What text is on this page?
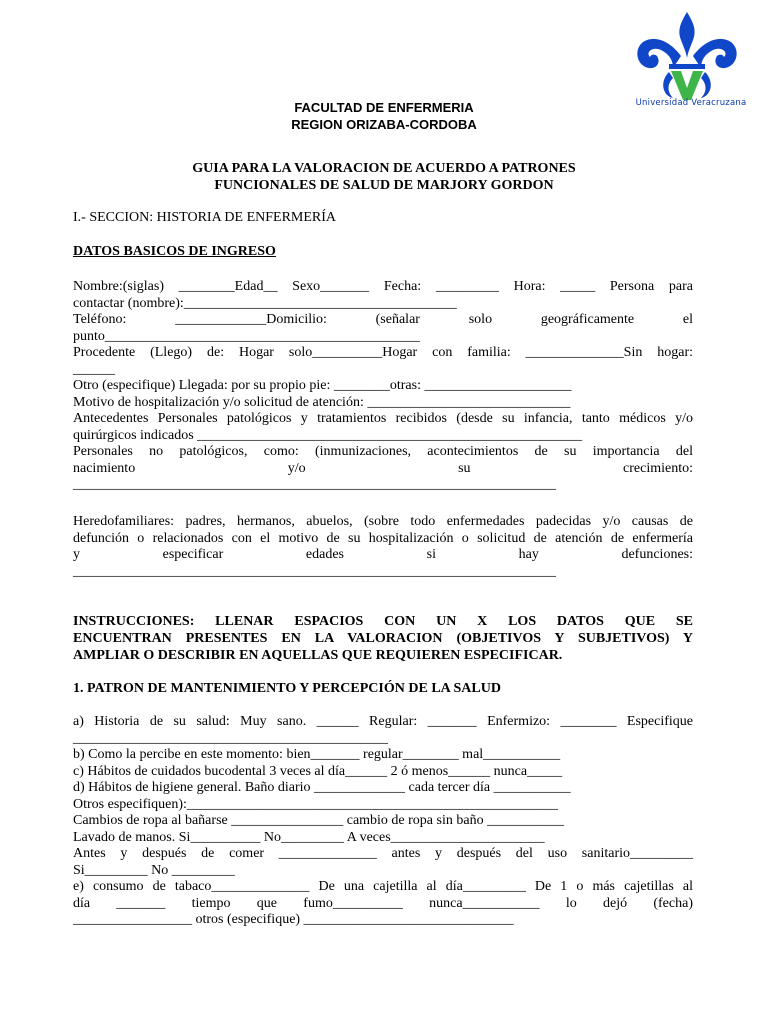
Universidad Veracruzana
FACULTAD DE ENFERMERIA
REGION ORIZABA-CORDOBA
GUIA PARA LA VALORACION DE ACUERDO A PATRONES
FUNCIONALES DE SALUD DE MARJORY GORDON
I.- SECCION: HISTORIA DE ENFERMERÍA
DATOS BASICOS DE INGRESO
Nombre:(siglas) ________Edad__ Sexo_______ Fecha: _________ Hora: _____ Persona para
contactar (nombre):_______________________________________
Teléfono: _____________Domicilio: (señalar solo geográficamente el
punto_____________________________________________
Procedente (Llego) de: Hogar solo__________Hogar con familia: ______________Sin hogar:
______
Otro (especifique) Llegada: por su propio pie: ________otras: _____________________
Motivo de hospitalización y/o solicitud de atención: _____________________________
Antecedentes Personales patológicos y tratamientos recibidos (desde su infancia, tanto médicos y/o
quirúrgicos indicados _______________________________________________________
Personales no patológicos, como: (inmunizaciones, acontecimientos de su importancia del
nacimiento y/o su crecimiento:
_____________________________________________________________________
Heredofamiliares: padres, hermanos, abuelos, (sobre todo enfermedades padecidas y/o causas de
defunción o relacionados con el motivo de su hospitalización o solicitud de atención de enfermería
y especificar edades si hay defunciones:
_____________________________________________________________________
INSTRUCCIONES: LLENAR ESPACIOS CON UN X LOS DATOS QUE SE
ENCUENTRAN PRESENTES EN LA VALORACION (OBJETIVOS Y SUBJETIVOS) Y
AMPLIAR O DESCRIBIR EN AQUELLAS QUE REQUIEREN ESPECIFICAR.
1. PATRON DE MANTENIMIENTO Y PERCEPCIÓN DE LA SALUD
a) Historia de su salud: Muy sano. ______ Regular: _______ Enfermizo: ________ Especifique
_____________________________________________
b) Como la percibe en este momento: bien_______ regular________ mal___________
c) Hábitos de cuidados bucodental 3 veces al día______ 2 ó menos______ nunca_____
d) Hábitos de higiene general. Baño diario _____________ cada tercer día ___________
Otros especifiquen):_____________________________________________________
Cambios de ropa al bañarse ________________ cambio de ropa sin baño ___________
Lavado de manos. Si__________ No_________ A veces______________________
Antes y después de comer ______________ antes y después del uso sanitario_________
Si_________ No _________
e) consumo de tabaco______________ De una cajetilla al día_________ De 1 o más cajetillas al
día _______ tiempo que fumo__________ nunca___________ lo dejó (fecha)
_________________ otros (especifique) ______________________________
